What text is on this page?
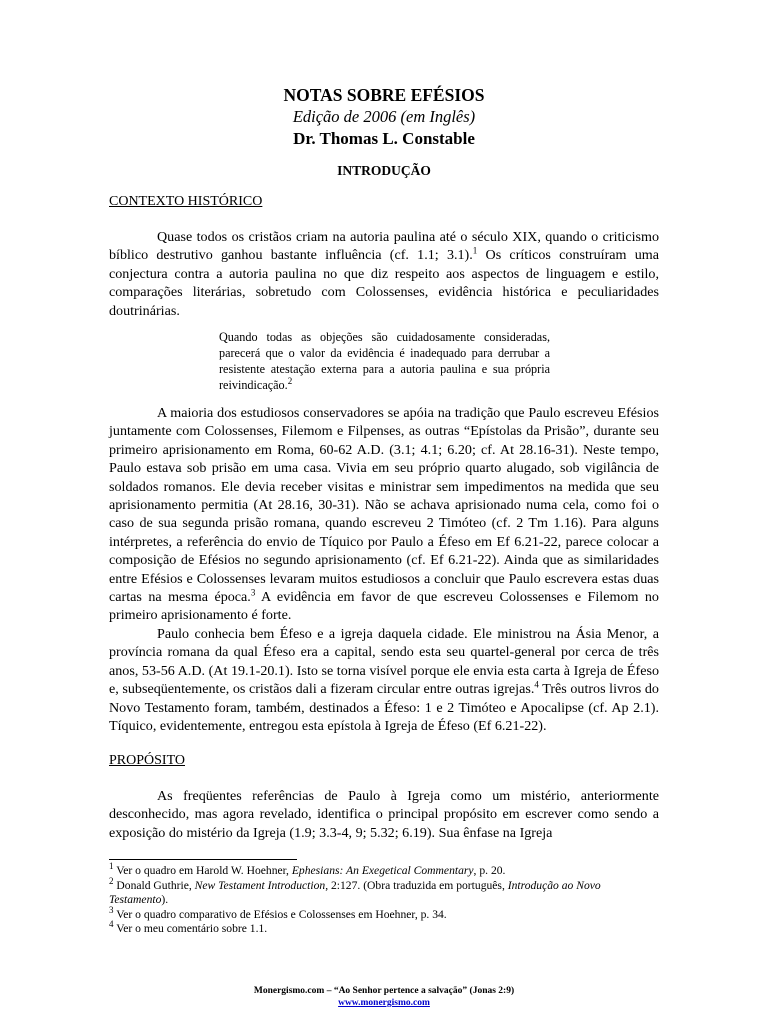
NOTAS SOBRE EFÉSIOS
Edição de 2006 (em Inglês)
Dr. Thomas L. Constable
INTRODUÇÃO
CONTEXTO HISTÓRICO

Quase todos os cristãos criam na autoria paulina até o século XIX, quando o criticismo bíblico destrutivo ganhou bastante influência (cf. 1.1; 3.1).$^1$ Os críticos construíram uma conjectura contra a autoria paulina no que diz respeito aos aspectos de linguagem e estilo, comparações literárias, sobretudo com Colossenses, evidência histórica e peculiaridades doutrinárias.

Quando todas as objeções são cuidadosamente consideradas, parecerá que o valor da evidência é inadequado para derrubar a resistente atestação externa para a autoria paulina e sua própria reivindicação.$^2$

A maioria dos estudiosos conservadores se apóia na tradição que Paulo escreveu Efésios juntamente com Colossenses, Filemom e Filpenses, as outras “Epístolas da Prisão”, durante seu primeiro aprisionamento em Roma, 60-62 A.D. (3.1; 4.1; 6.20; cf. At 28.16-31). Neste tempo, Paulo estava sob prisão em uma casa. Vivia em seu próprio quarto alugado, sob vigilância de soldados romanos. Ele devia receber visitas e ministrar sem impedimentos na medida que seu aprisionamento permitia (At 28.16, 30-31). Não se achava aprisionado numa cela, como foi o caso de sua segunda prisão romana, quando escreveu 2 Timóteo (cf. 2 Tm 1.16). Para alguns intérpretes, a referência do envio de Tíquico por Paulo a Éfeso em Ef 6.21-22, parece colocar a composição de Efésios no segundo aprisionamento (cf. Ef 6.21-22). Ainda que as similaridades entre Efésios e Colossenses levaram muitos estudiosos a concluir que Paulo escrevera estas duas cartas na mesma época.$^3$ A evidência em favor de que escreveu Colossenses e Filemom no primeiro aprisionamento é forte.

Paulo conhecia bem Éfeso e a igreja daquela cidade. Ele ministrou na Ásia Menor, a província romana da qual Éfeso era a capital, sendo esta seu quartel-general por cerca de três anos, 53-56 A.D. (At 19.1-20.1). Isto se torna visível porque ele envia esta carta à Igreja de Éfeso e, subseqüentemente, os cristãos dali a fizeram circular entre outras igrejas.$^4$ Três outros livros do Novo Testamento foram, também, destinados a Éfeso: 1 e 2 Timóteo e Apocalipse (cf. Ap 2.1). Tíquico, evidentemente, entregou esta epístola à Igreja de Éfeso (Ef 6.21-22).

PROPÓSITO

As freqüentes referências de Paulo à Igreja como um mistério, anteriormente desconhecido, mas agora revelado, identifica o principal propósito em escrever como sendo a exposição do mistério da Igreja (1.9; 3.3-4, 9; 5.32; 6.19). Sua ênfase na Igreja

$^1$ Ver o quadro em Harold W. Hoehner, Ephesians: An Exegetical Commentary, p. 20.
$^2$ Donald Guthrie, New Testament Introduction, 2:127. (Obra traduzida em português, Introdução ao Novo Testamento).
$^3$ Ver o quadro comparativo de Efésios e Colossenses em Hoehner, p. 34.
$^4$ Ver o meu comentário sobre 1.1.
Monergismo.com – “Ao Senhor pertence a salvação” (Jonas 2:9)
www.monergismo.com
